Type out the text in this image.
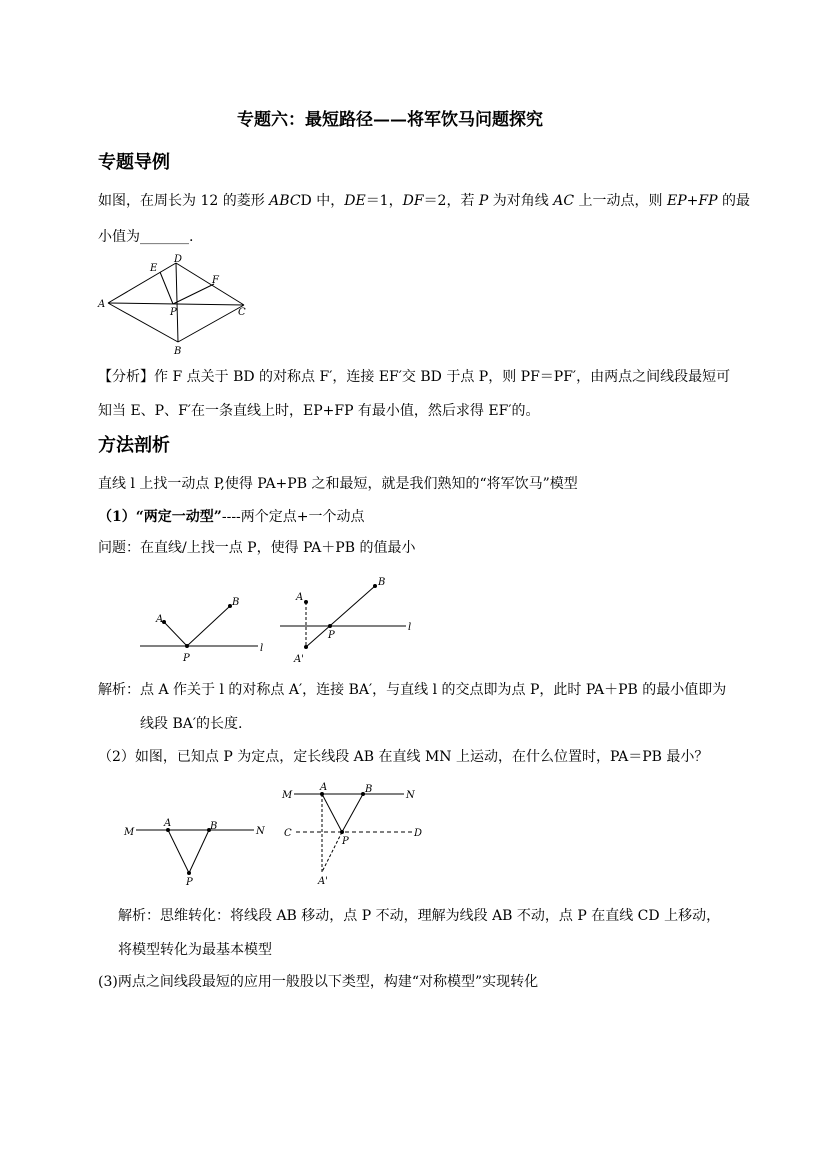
专题六：最短路径——将军饮马问题探究
专题导例
如图，在周长为 12 的菱形 ABCD 中，DE＝1，DF＝2，若 P 为对角线 AC 上一动点，则 EP+FP 的最
小值为_______.
A
B
C
D
E
F
P
【分析】作 F 点关于 BD 的对称点 F′，连接 EF′交 BD 于点 P，则 PF＝PF′，由两点之间线段最短可
知当 E、P、F′在一条直线上时，EP+FP 有最小值，然后求得 EF′的。
方法剖析
直线 l 上找一动点 P,使得 PA+PB 之和最短，就是我们熟知的“将军饮马”模型
（1）“两定一动型”----两个定点+一个动点
问题：在直线/上找一点 P，使得 PA＋PB 的值最小
A
B
P
l
A
B
P
A'
l
解析：点 A 作关于 l 的对称点 A′，连接 BA′，与直线 l 的交点即为点 P，此时 PA＋PB 的最小值即为
线段 BA′的长度.
（2）如图，已知点 P 为定点，定长线段 AB 在直线 MN 上运动，在什么位置时，PA＝PB 最小？
M
A	B	N
P
M
A	B
N
C	D
P
A'
解析：思维转化：将线段 AB 移动，点 P 不动，理解为线段 AB 不动，点 P 在直线 CD 上移动，
将模型转化为最基本模型
(3)两点之间线段最短的应用一般股以下类型，构建“对称模型”实现转化
